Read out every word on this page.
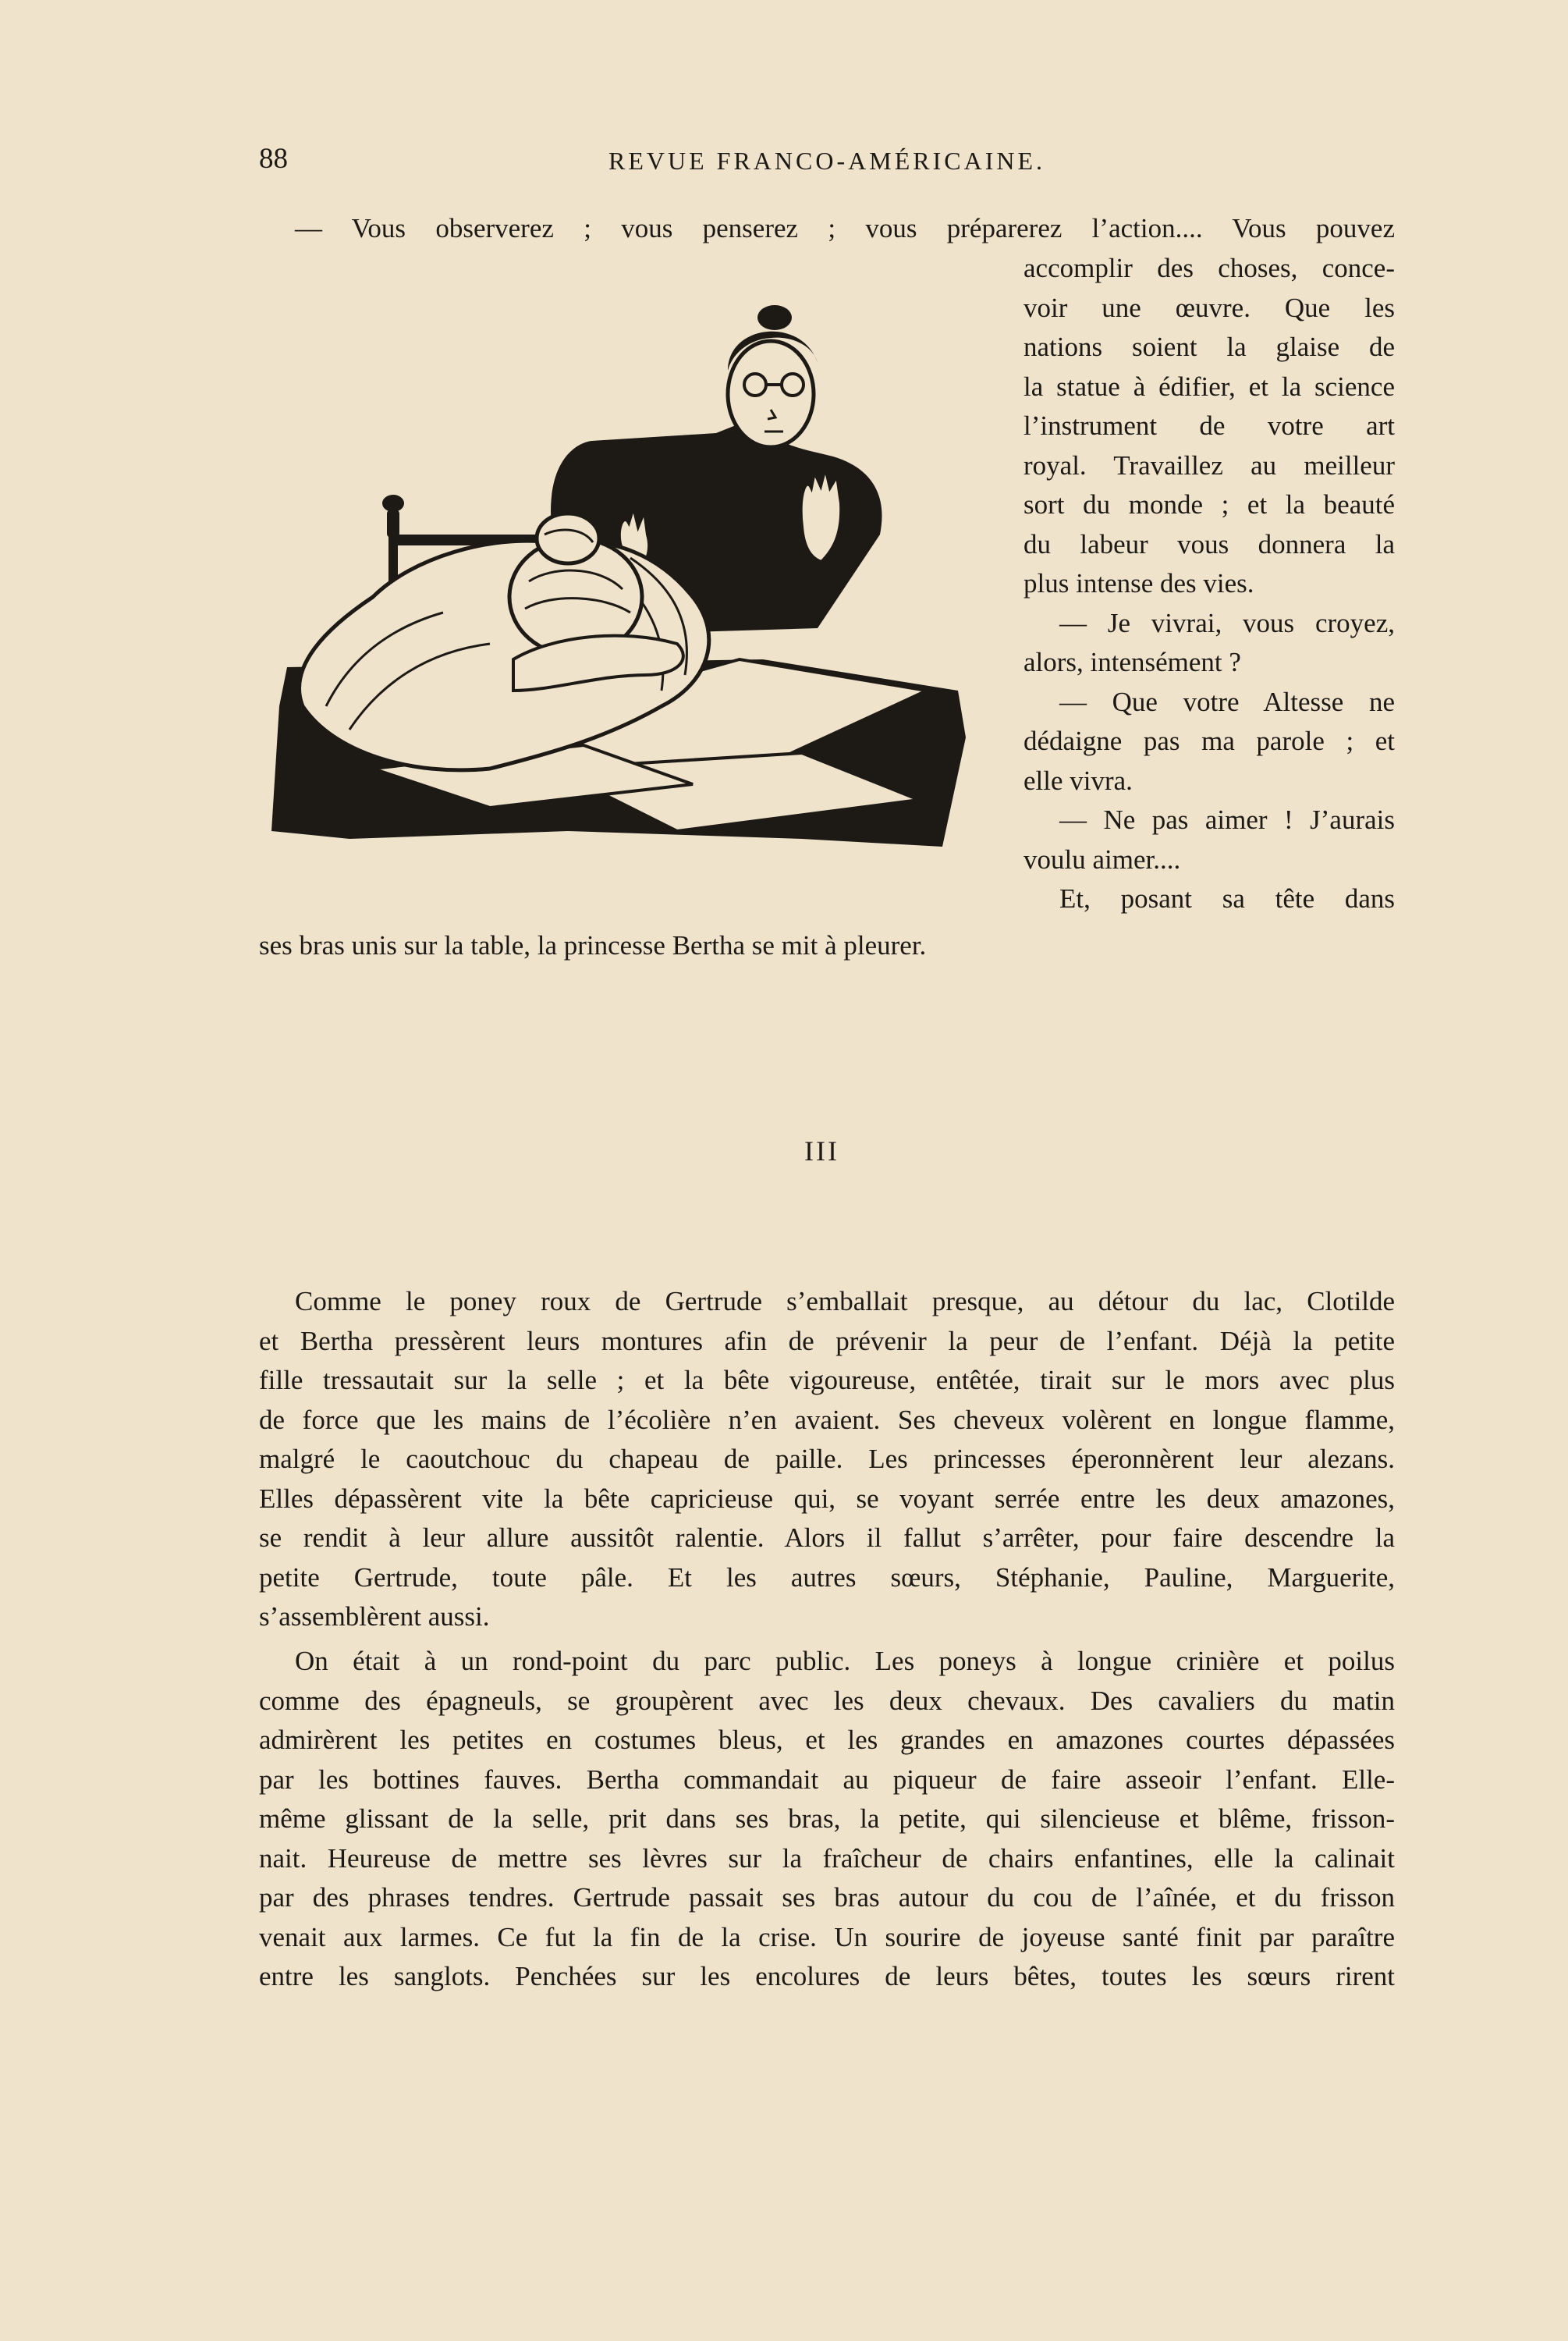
88	REVUE FRANCO-AMÉRICAINE.
— Vous observerez ; vous penserez ; vous préparerez l’action.... Vous pouvez
accomplir des choses, conce-
voir une œuvre. Que les
nations soient la glaise de
la statue à édifier, et la science
l’instrument de votre art
royal. Travaillez au meilleur
sort du monde ; et la beauté
du labeur vous donnera la
plus intense des vies.
— Je vivrai, vous croyez,
alors, intensément ?
— Que votre Altesse ne
dédaigne pas ma parole ; et
elle vivra.
— Ne pas aimer ! J’aurais
voulu aimer....
Et, posant sa tête dans
ses bras unis sur la table, la princesse Bertha se mit à pleurer.
III
Comme le poney roux de Gertrude s’emballait presque, au détour du lac, Clotilde
et Bertha pressèrent leurs montures afin de prévenir la peur de l’enfant. Déjà la petite
fille tressautait sur la selle ; et la bête vigoureuse, entêtée, tirait sur le mors avec plus
de force que les mains de l’écolière n’en avaient. Ses cheveux volèrent en longue flamme,
malgré le caoutchouc du chapeau de paille. Les princesses éperonnèrent leur alezans.
Elles dépassèrent vite la bête capricieuse qui, se voyant serrée entre les deux amazones,
se rendit à leur allure aussitôt ralentie. Alors il fallut s’arrêter, pour faire descendre la
petite Gertrude, toute pâle. Et les autres sœurs, Stéphanie, Pauline, Marguerite,
s’assemblèrent aussi.
On était à un rond-point du parc public. Les poneys à longue crinière et poilus
comme des épagneuls, se groupèrent avec les deux chevaux. Des cavaliers du matin
admirèrent les petites en costumes bleus, et les grandes en amazones courtes dépassées
par les bottines fauves. Bertha commandait au piqueur de faire asseoir l’enfant. Elle-
même glissant de la selle, prit dans ses bras, la petite, qui silencieuse et blême, frisson-
nait. Heureuse de mettre ses lèvres sur la fraîcheur de chairs enfantines, elle la calinait
par des phrases tendres. Gertrude passait ses bras autour du cou de l’aînée, et du frisson
venait aux larmes. Ce fut la fin de la crise. Un sourire de joyeuse santé finit par paraître
entre les sanglots. Penchées sur les encolures de leurs bêtes, toutes les sœurs rirent
